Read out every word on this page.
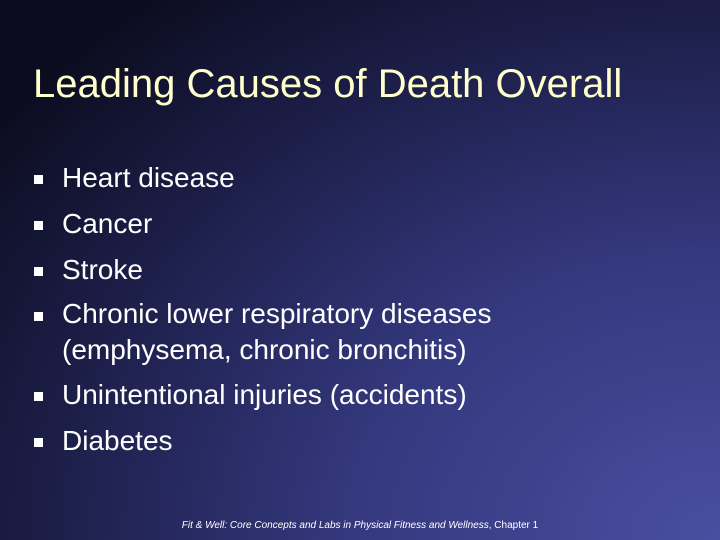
Leading Causes of Death Overall
Heart disease
Cancer
Stroke
Chronic lower respiratory diseases (emphysema, chronic bronchitis)
Unintentional injuries (accidents)
Diabetes
Fit & Well: Core Concepts and Labs in Physical Fitness and Wellness, Chapter 1
